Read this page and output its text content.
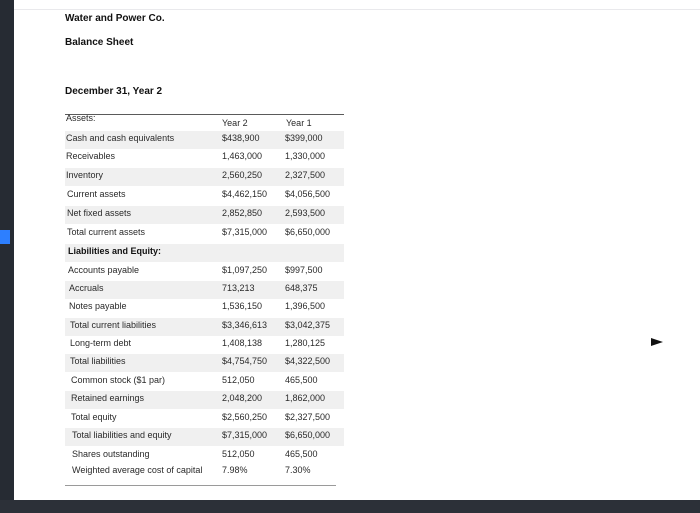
Water and Power Co.
Balance Sheet
December 31, Year 2
Year 2	Year 1
Assets:
Cash and cash equivalents	$438,900	$399,000
Receivables	1,463,000	1,330,000
Inventory	2,560,250	2,327,500
Current assets	$4,462,150 $4,056,500
Net fixed assets	2,852,850	2,593,500
Total current assets	$7,315,000 $6,650,000
Liabilities and Equity:
Accounts payable	$1,097,250 $997,500
Accruals	713,213	648,375
Notes payable	1,536,150	1,396,500
Total current liabilities	$3,346,613 $3,042,375
Long-term debt	1,408,138	1,280,125
Total liabilities	$4,754,750 $4,322,500
Common stock ($1 par)	512,050	465,500
Retained earnings	2,048,200	1,862,000
Total equity	$2,560,250 $2,327,500
Total liabilities and equity	$7,315,000 $6,650,000
Shares outstanding	512,050	465,500
Weighted average cost of capital 7.98%	7.30%
